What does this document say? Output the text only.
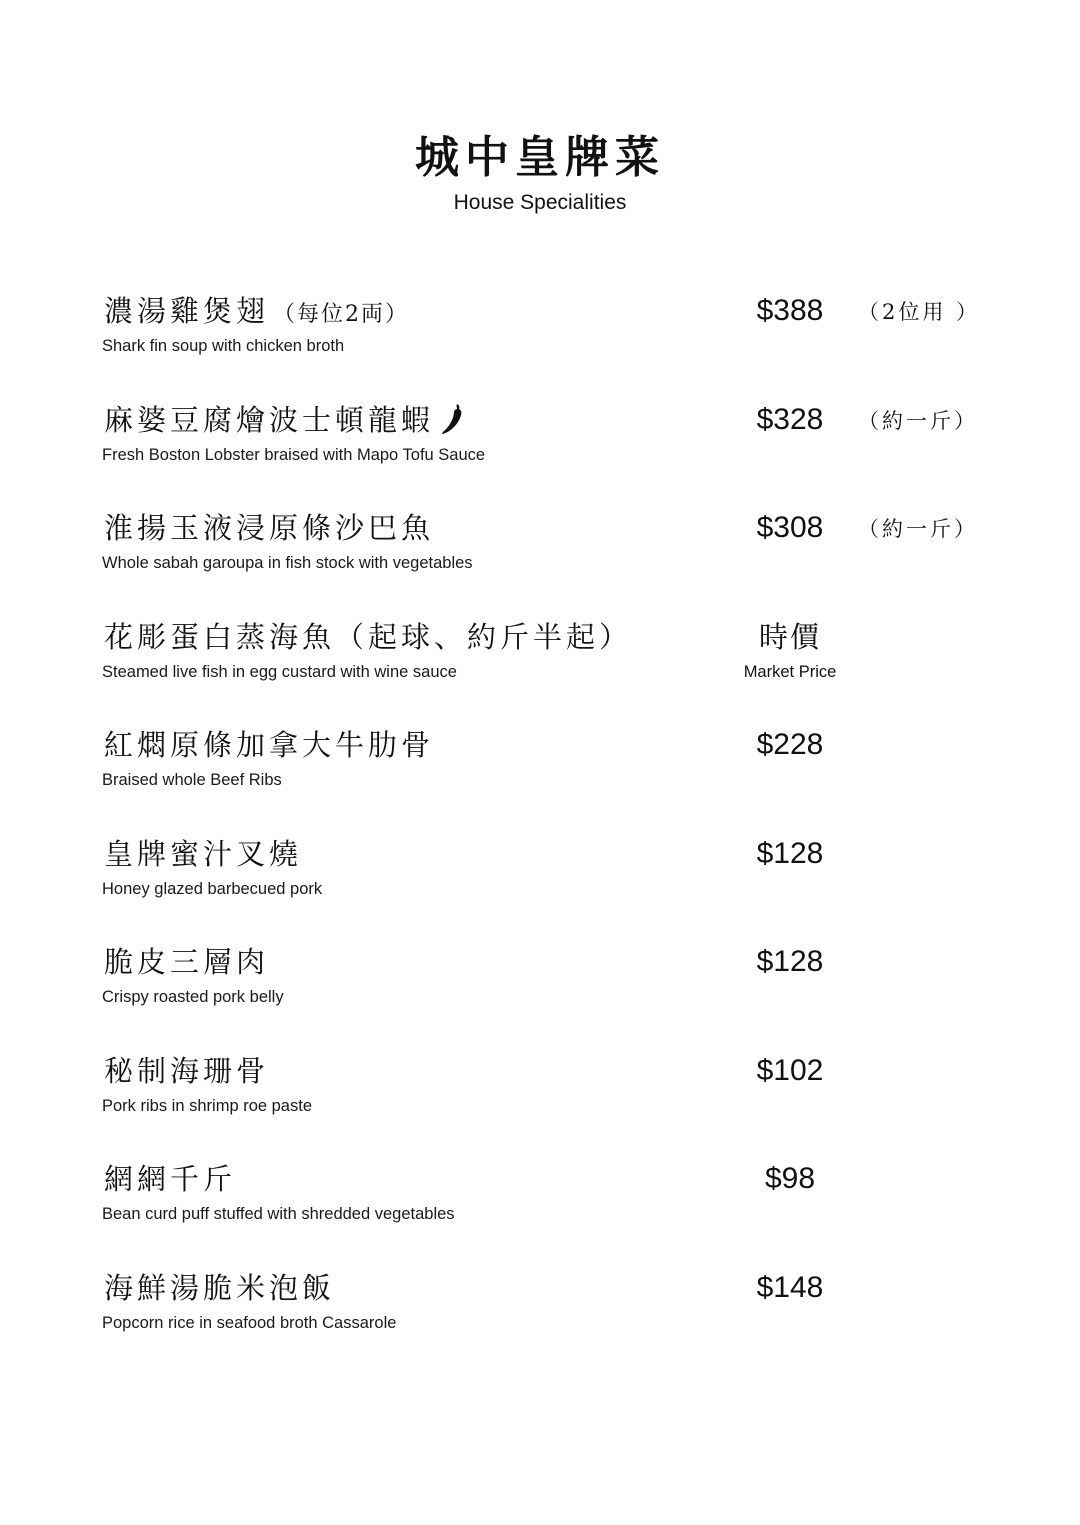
城中皇牌菜
House Specialities
濃湯雞煲翅 （每位2両）
Shark fin soup with chicken broth
$388	（2位用 ）
麻婆豆腐燴波士頓龍蝦
Fresh Boston Lobster braised with Mapo Tofu Sauce
$328	（約一斤）
淮揚玉液浸原條沙巴魚
Whole sabah garoupa in fish stock with vegetables
$308	（約一斤）
花彫蛋白蒸海魚（起球、約斤半起）
Steamed live fish in egg custard with wine sauce
時價
Market Price
紅燜原條加拿大牛肋骨
Braised whole Beef Ribs
$228
皇牌蜜汁叉燒
Honey glazed barbecued pork
$128
脆皮三層肉
Crispy roasted pork belly
$128
秘制海珊骨
Pork ribs in shrimp roe paste
$102
網網千斤
Bean curd puff stuffed with shredded vegetables
$98
海鮮湯脆米泡飯
Popcorn rice in seafood broth Cassarole
$148
